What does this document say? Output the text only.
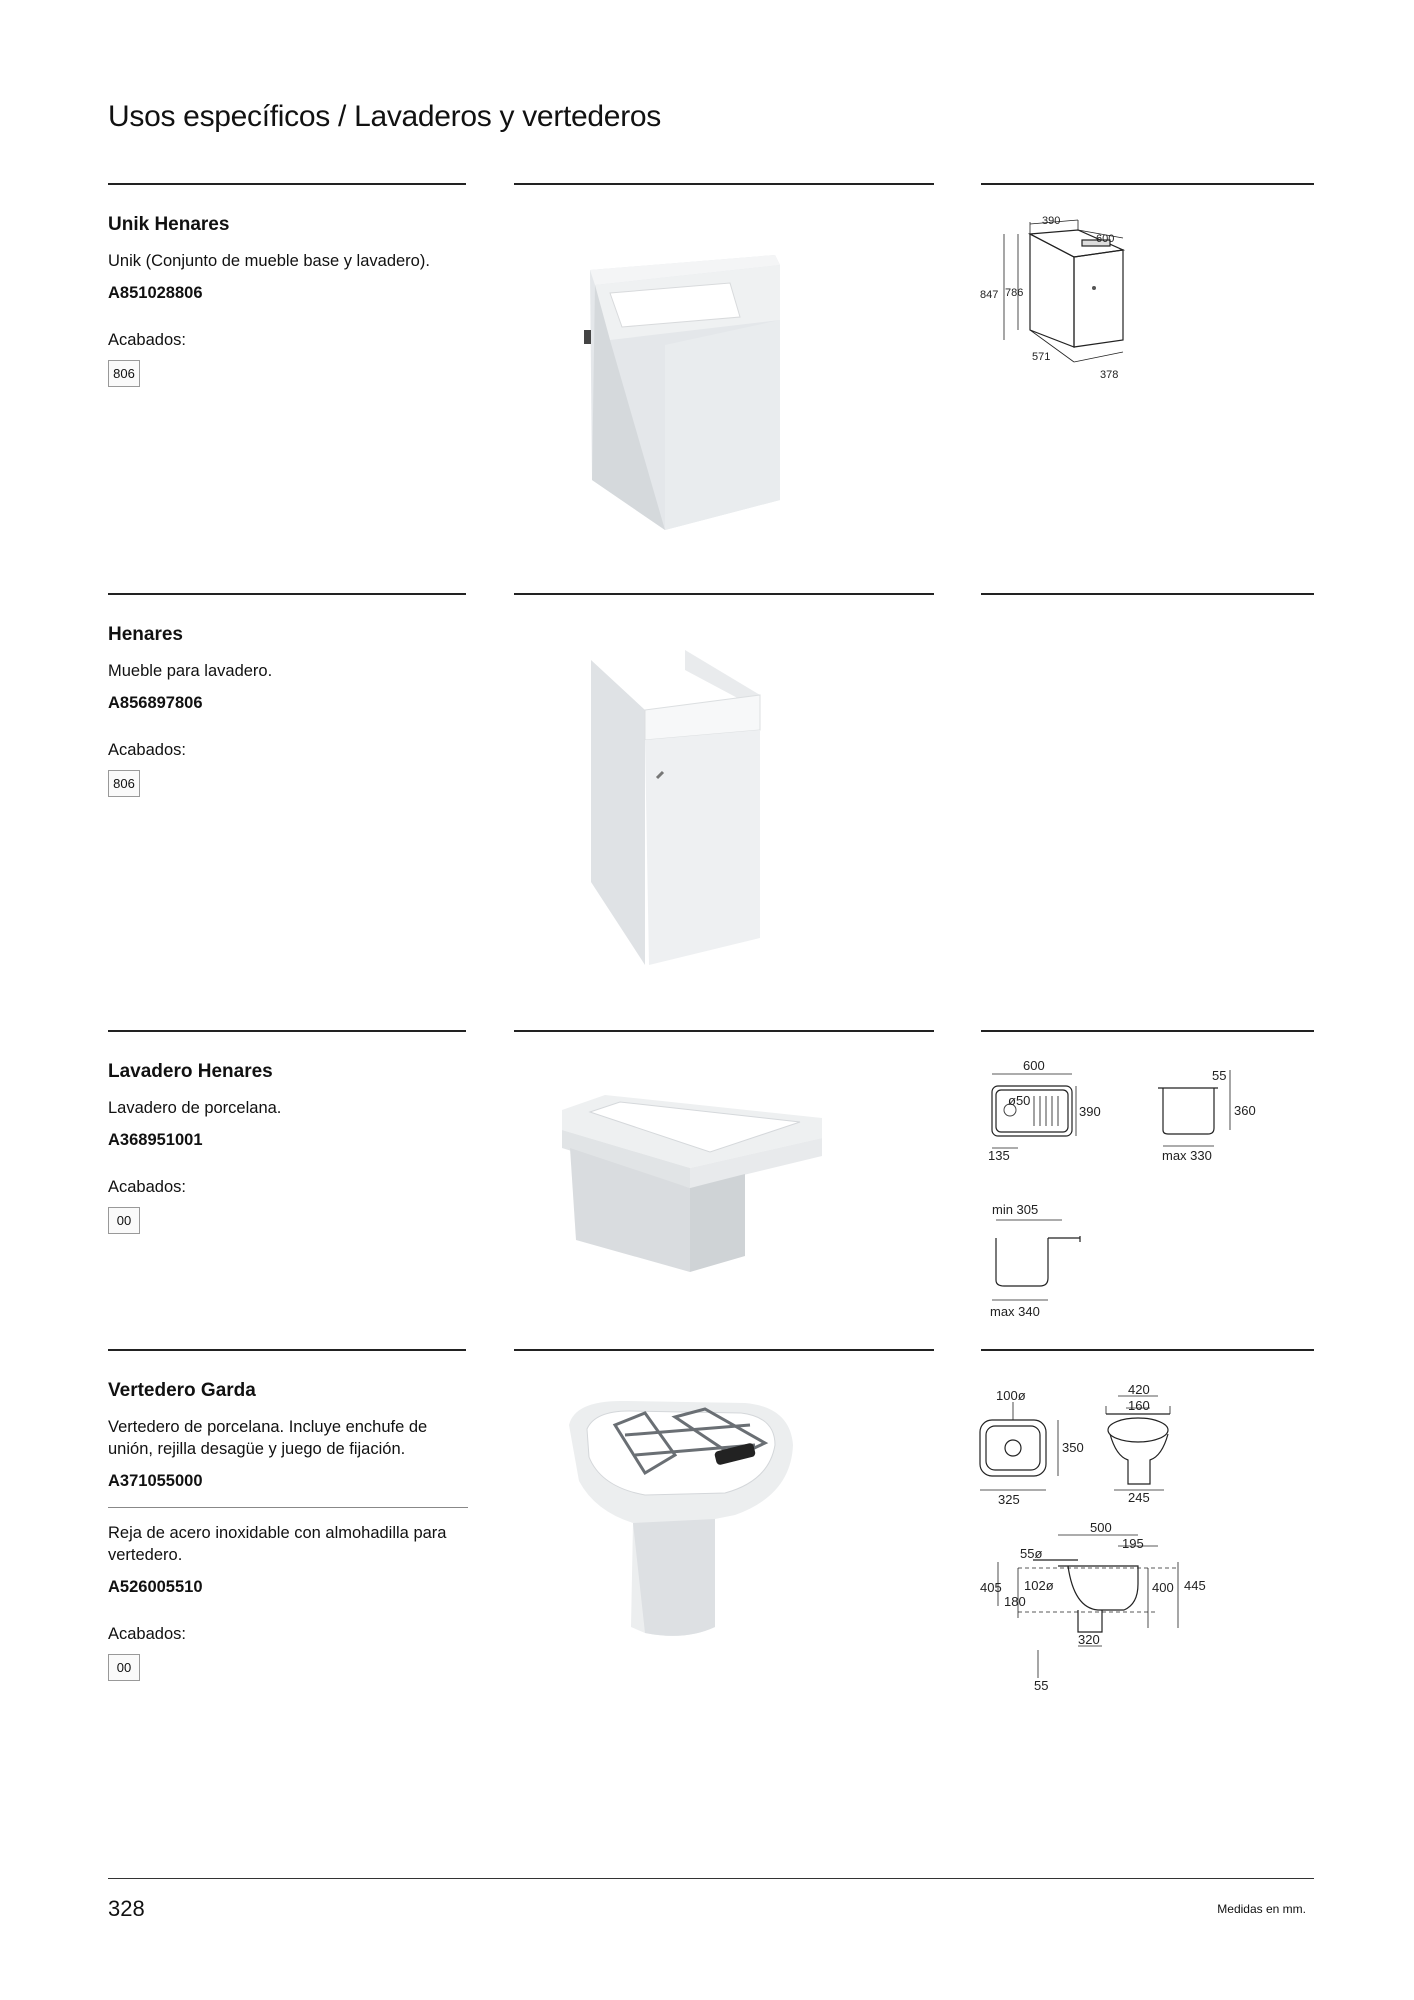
Usos específicos / Lavaderos y vertederos
Unik Henares
Unik (Conjunto de mueble base y lavadero).
A851028806
Acabados:
806
390
600
847 786
571
378
Henares
Mueble para lavadero.
A856897806
Acabados:
806
Lavadero Henares
Lavadero de porcelana.
A368951001
Acabados:
00
600
390
ø50
135
55
360
max 330
min 305
max 340
Vertedero Garda
Vertedero de porcelana. Incluye enchufe de unión, rejilla desagüe y juego de fijación.
A371055000
Reja de acero inoxidable con almohadilla para vertedero.
A526005510
Acabados:
00
100ø
350
325
420
160
245
500
195
55ø
405 102ø
180
400 445
320
55
328	Medidas en mm.
